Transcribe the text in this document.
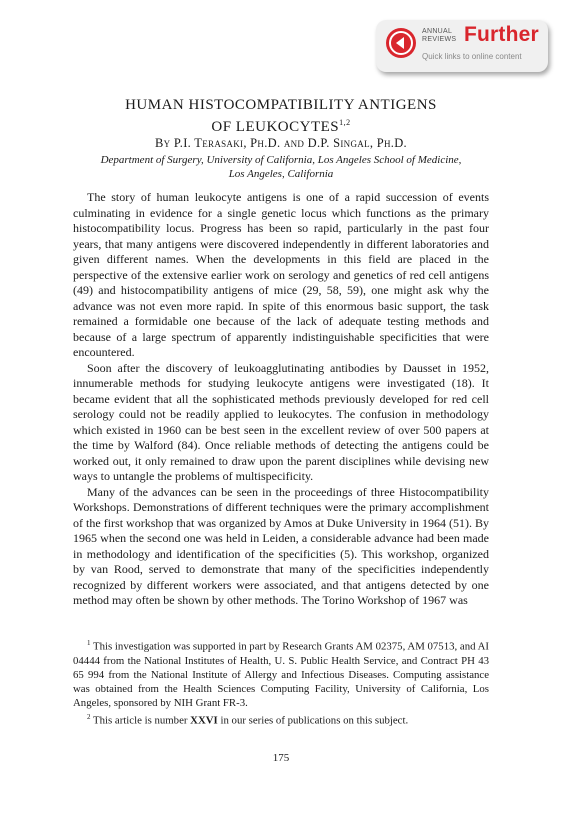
ANNUAL
REVIEWS Further
Quick links to online content
HUMAN HISTOCOMPATIBILITY ANTIGENS
OF LEUKOCYTES$^{1,2}$
By P.I. Terasaki, Ph.D. and D.P. Singal, Ph.D.
Department of Surgery, University of California, Los Angeles School of Medicine,
Los Angeles, California

The story of human leukocyte antigens is one of a rapid succession of events culminating in evidence for a single genetic locus which functions as the primary histocompatibility locus. Progress has been so rapid, particularly in the past four years, that many antigens were discovered independently in different laboratories and given different names. When the developments in this field are placed in the perspective of the extensive earlier work on serology and genetics of red cell antigens (49) and histocompatibility antigens of mice (29, 58, 59), one might ask why the advance was not even more rapid. In spite of this enormous basic support, the task remained a formidable one because of the lack of adequate testing methods and because of a large spectrum of apparently indistinguishable specificities that were encountered.

Soon after the discovery of leukoagglutinating antibodies by Dausset in 1952, innumerable methods for studying leukocyte antigens were investigated (18). It became evident that all the sophisticated methods previously developed for red cell serology could not be readily applied to leukocytes. The confusion in methodology which existed in 1960 can be best seen in the excellent review of over 500 papers at the time by Walford (84). Once reliable methods of detecting the antigens could be worked out, it only remained to draw upon the parent disciplines while devising new ways to untangle the problems of multispecificity.

Many of the advances can be seen in the proceedings of three Histocompatibility Workshops. Demonstrations of different techniques were the primary accomplishment of the first workshop that was organized by Amos at Duke University in 1964 (51). By 1965 when the second one was held in Leiden, a considerable advance had been made in methodology and identification of the specificities (5). This workshop, organized by van Rood, served to demonstrate that many of the specificities independently recognized by different workers were associated, and that antigens detected by one method may often be shown by other methods. The Torino Workshop of 1967 was

$^1$ This investigation was supported in part by Research Grants AM 02375, AM 07513, and AI 04444 from the National Institutes of Health, U. S. Public Health Service, and Contract PH 43 65 994 from the National Institute of Allergy and Infectious Diseases. Computing assistance was obtained from the Health Sciences Computing Facility, University of California, Los Angeles, sponsored by NIH Grant FR-3.

$^2$ This article is number XXVI in our series of publications on this subject.

175
